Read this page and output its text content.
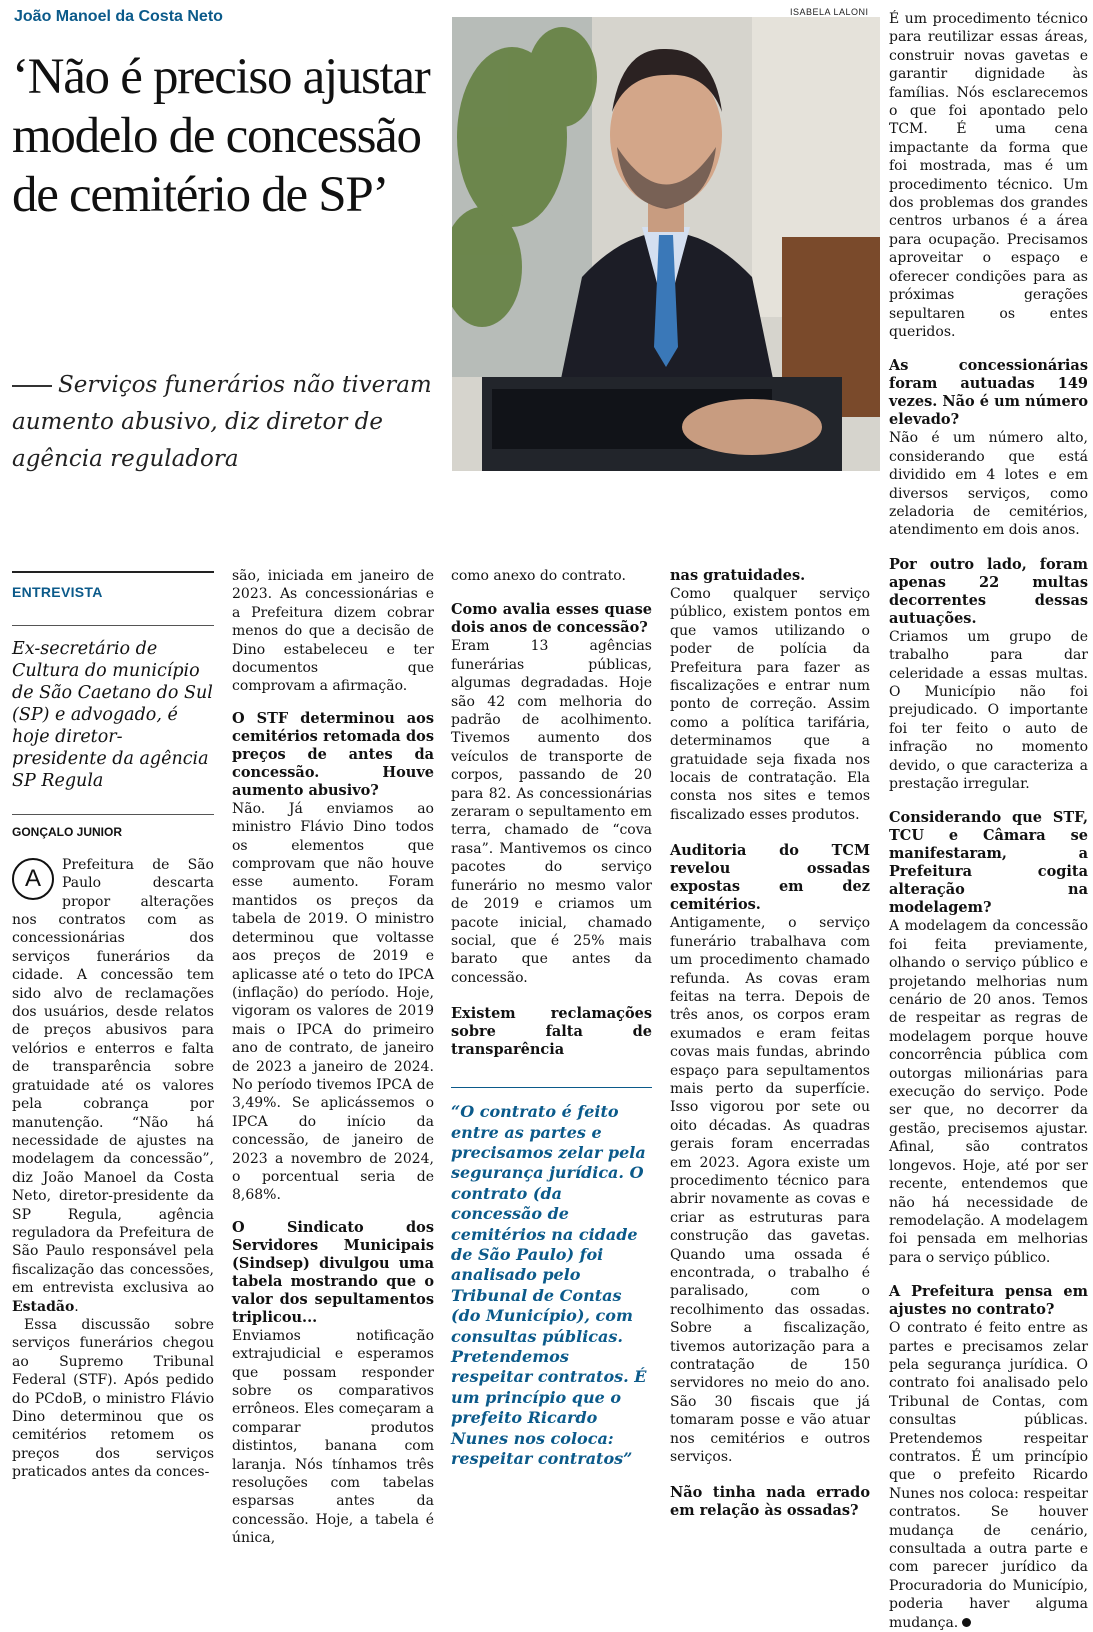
João Manoel da Costa Neto
‘Não é preciso ajustar modelo de concessão de cemitério de SP’
Serviços funerários não tiveram aumento abusivo, diz diretor de agência reguladora
ISABELA LALONI
ENTREVISTA
Ex-secretário de Cultura do município de São Caetano do Sul (SP) e advogado, é hoje diretor-presidente da agência SP Regula
GONÇALO JUNIOR
A	Prefeitura de São Paulo descarta propor alterações nos contratos com as concessionárias dos serviços funerários da cidade. A concessão tem sido alvo de reclamações dos usuários, desde relatos de preços abusivos para velórios e enterros e falta de transparência sobre gratuidade até os valores pela cobrança por manutenção. “Não há necessidade de ajustes na modelagem da concessão”, diz João Manoel da Costa Neto, diretor-presidente da SP Regula, agência reguladora da Prefeitura de São Paulo responsável pela fiscalização das concessões, em entrevista exclusiva ao Estadão.

Essa discussão sobre serviços funerários chegou ao Supremo Tribunal Federal (STF). Após pedido do PCdoB, o ministro Flávio Dino determinou que os cemitérios retomem os preços dos serviços praticados antes da conces-

são, iniciada em janeiro de 2023. As concessionárias e a Prefeitura dizem cobrar menos do que a decisão de Dino estabeleceu e ter documentos que comprovam a afirmação.

O STF determinou aos cemitérios retomada dos preços de antes da concessão. Houve aumento abusivo?

Não. Já enviamos ao ministro Flávio Dino todos os elementos que comprovam que não houve esse aumento. Foram mantidos os preços da tabela de 2019. O ministro determinou que voltasse aos preços de 2019 e aplicasse até o teto do IPCA (inflação) do período. Hoje, vigoram os valores de 2019 mais o IPCA do primeiro ano de contrato, de janeiro de 2023 a janeiro de 2024. No período tivemos IPCA de 3,49%. Se aplicássemos o IPCA do início da concessão, de janeiro de 2023 a novembro de 2024, o porcentual seria de 8,68%.

O Sindicato dos Servidores Municipais (Sindsep) divulgou uma tabela mostrando que o valor dos sepultamentos triplicou...

Enviamos notificação extrajudicial e esperamos que possam responder sobre os comparativos errôneos. Eles começaram a comparar produtos distintos, banana com laranja. Nós tínhamos três resoluções com tabelas esparsas antes da concessão. Hoje, a tabela é única,

como anexo do contrato.

Como avalia esses quase dois anos de concessão?

Eram 13 agências funerárias públicas, algumas degradadas. Hoje são 42 com melhoria do padrão de acolhimento. Tivemos aumento dos veículos de transporte de corpos, passando de 20 para 82. As concessionárias zeraram o sepultamento em terra, chamado de “cova rasa”. Mantivemos os cinco pacotes do serviço funerário no mesmo valor de 2019 e criamos um pacote inicial, chamado social, que é 25% mais barato que antes da concessão.

Existem reclamações sobre falta de transparência
“O contrato é feito entre as partes e precisamos zelar pela segurança jurídica. O contrato (da concessão de cemitérios na cidade de São Paulo) foi analisado pelo Tribunal de Contas (do Município), com consultas públicas. Pretendemos respeitar contratos. É um princípio que o prefeito Ricardo Nunes nos coloca: respeitar contratos”
nas gratuidades.

Como qualquer serviço público, existem pontos em que vamos utilizando o poder de polícia da Prefeitura para fazer as fiscalizações e entrar num ponto de correção. Assim como a política tarifária, determinamos que a gratuidade seja fixada nos locais de contratação. Ela consta nos sites e temos fiscalizado esses produtos.

Auditoria do TCM revelou ossadas expostas em dez cemitérios.

Antigamente, o serviço funerário trabalhava com um procedimento chamado refunda. As covas eram feitas na terra. Depois de três anos, os corpos eram exumados e eram feitas covas mais fundas, abrindo espaço para sepultamentos mais perto da superfície. Isso vigorou por sete ou oito décadas. As quadras gerais foram encerradas em 2023. Agora existe um procedimento técnico para abrir novamente as covas e criar as estruturas para construção das gavetas. Quando uma ossada é encontrada, o trabalho é paralisado, com o recolhimento das ossadas. Sobre a fiscalização, tivemos autorização para a contratação de 150 servidores no meio do ano. São 30 fiscais que já tomaram posse e vão atuar nos cemitérios e outros serviços.

Não tinha nada errado em relação às ossadas?

É um procedimento técnico para reutilizar essas áreas, construir novas gavetas e garantir dignidade às famílias. Nós esclarecemos o que foi apontado pelo TCM. É uma cena impactante da forma que foi mostrada, mas é um procedimento técnico. Um dos problemas dos grandes centros urbanos é a área para ocupação. Precisamos aproveitar o espaço e oferecer condições para as próximas gerações sepultaren os entes queridos.

As concessionárias foram autuadas 149 vezes. Não é um número elevado?

Não é um número alto, considerando que está dividido em 4 lotes e em diversos serviços, como zeladoria de cemitérios, atendimento em dois anos.

Por outro lado, foram apenas 22 multas decorrentes dessas autuações.

Criamos um grupo de trabalho para dar celeridade a essas multas. O Município não foi prejudicado. O importante foi ter feito o auto de infração no momento devido, o que caracteriza a prestação irregular.

Considerando que STF, TCU e Câmara se manifestaram, a Prefeitura cogita alteração na modelagem?

A modelagem da concessão foi feita previamente, olhando o serviço público e projetando melhorias num cenário de 20 anos. Temos de respeitar as regras de modelagem porque houve concorrência pública com outorgas milionárias para execução do serviço. Pode ser que, no decorrer da gestão, precisemos ajustar. Afinal, são contratos longevos. Hoje, até por ser recente, entendemos que não há necessidade de remodelação. A modelagem foi pensada em melhorias para o serviço público.

A Prefeitura pensa em ajustes no contrato?

O contrato é feito entre as partes e precisamos zelar pela segurança jurídica. O contrato foi analisado pelo Tribunal de Contas, com consultas públicas. Pretendemos respeitar contratos. É um princípio que o prefeito Ricardo Nunes nos coloca: respeitar contratos. Se houver mudança de cenário, consultada a outra parte e com parecer jurídico da Procuradoria do Município, poderia haver alguma mudança.
